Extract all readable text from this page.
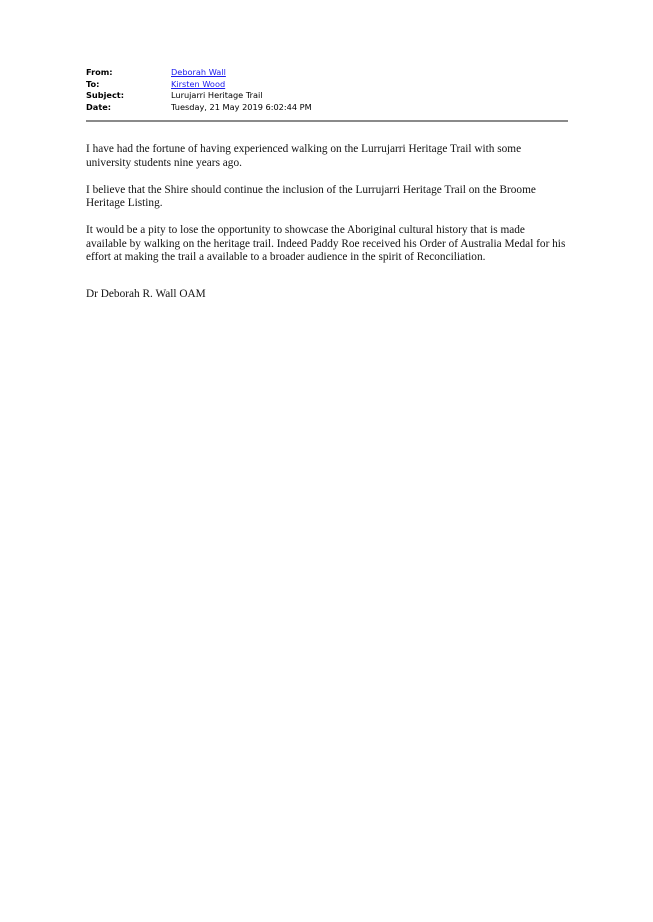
From:	Deborah Wall
To:	Kirsten Wood
Subject:	Lurujarri Heritage Trail
Date:	Tuesday, 21 May 2019 6:02:44 PM

I have had the fortune of having experienced walking on the Lurrujarri Heritage Trail with some university students nine years ago.

I believe that the Shire should continue the inclusion of the Lurrujarri Heritage Trail on the Broome Heritage Listing.

It would be a pity to lose the opportunity to showcase the Aboriginal cultural history that is made available by walking on the heritage trail. Indeed Paddy Roe received his Order of Australia Medal for his effort at making the trail a available to a broader audience in the spirit of Reconciliation.

Dr Deborah R. Wall OAM
